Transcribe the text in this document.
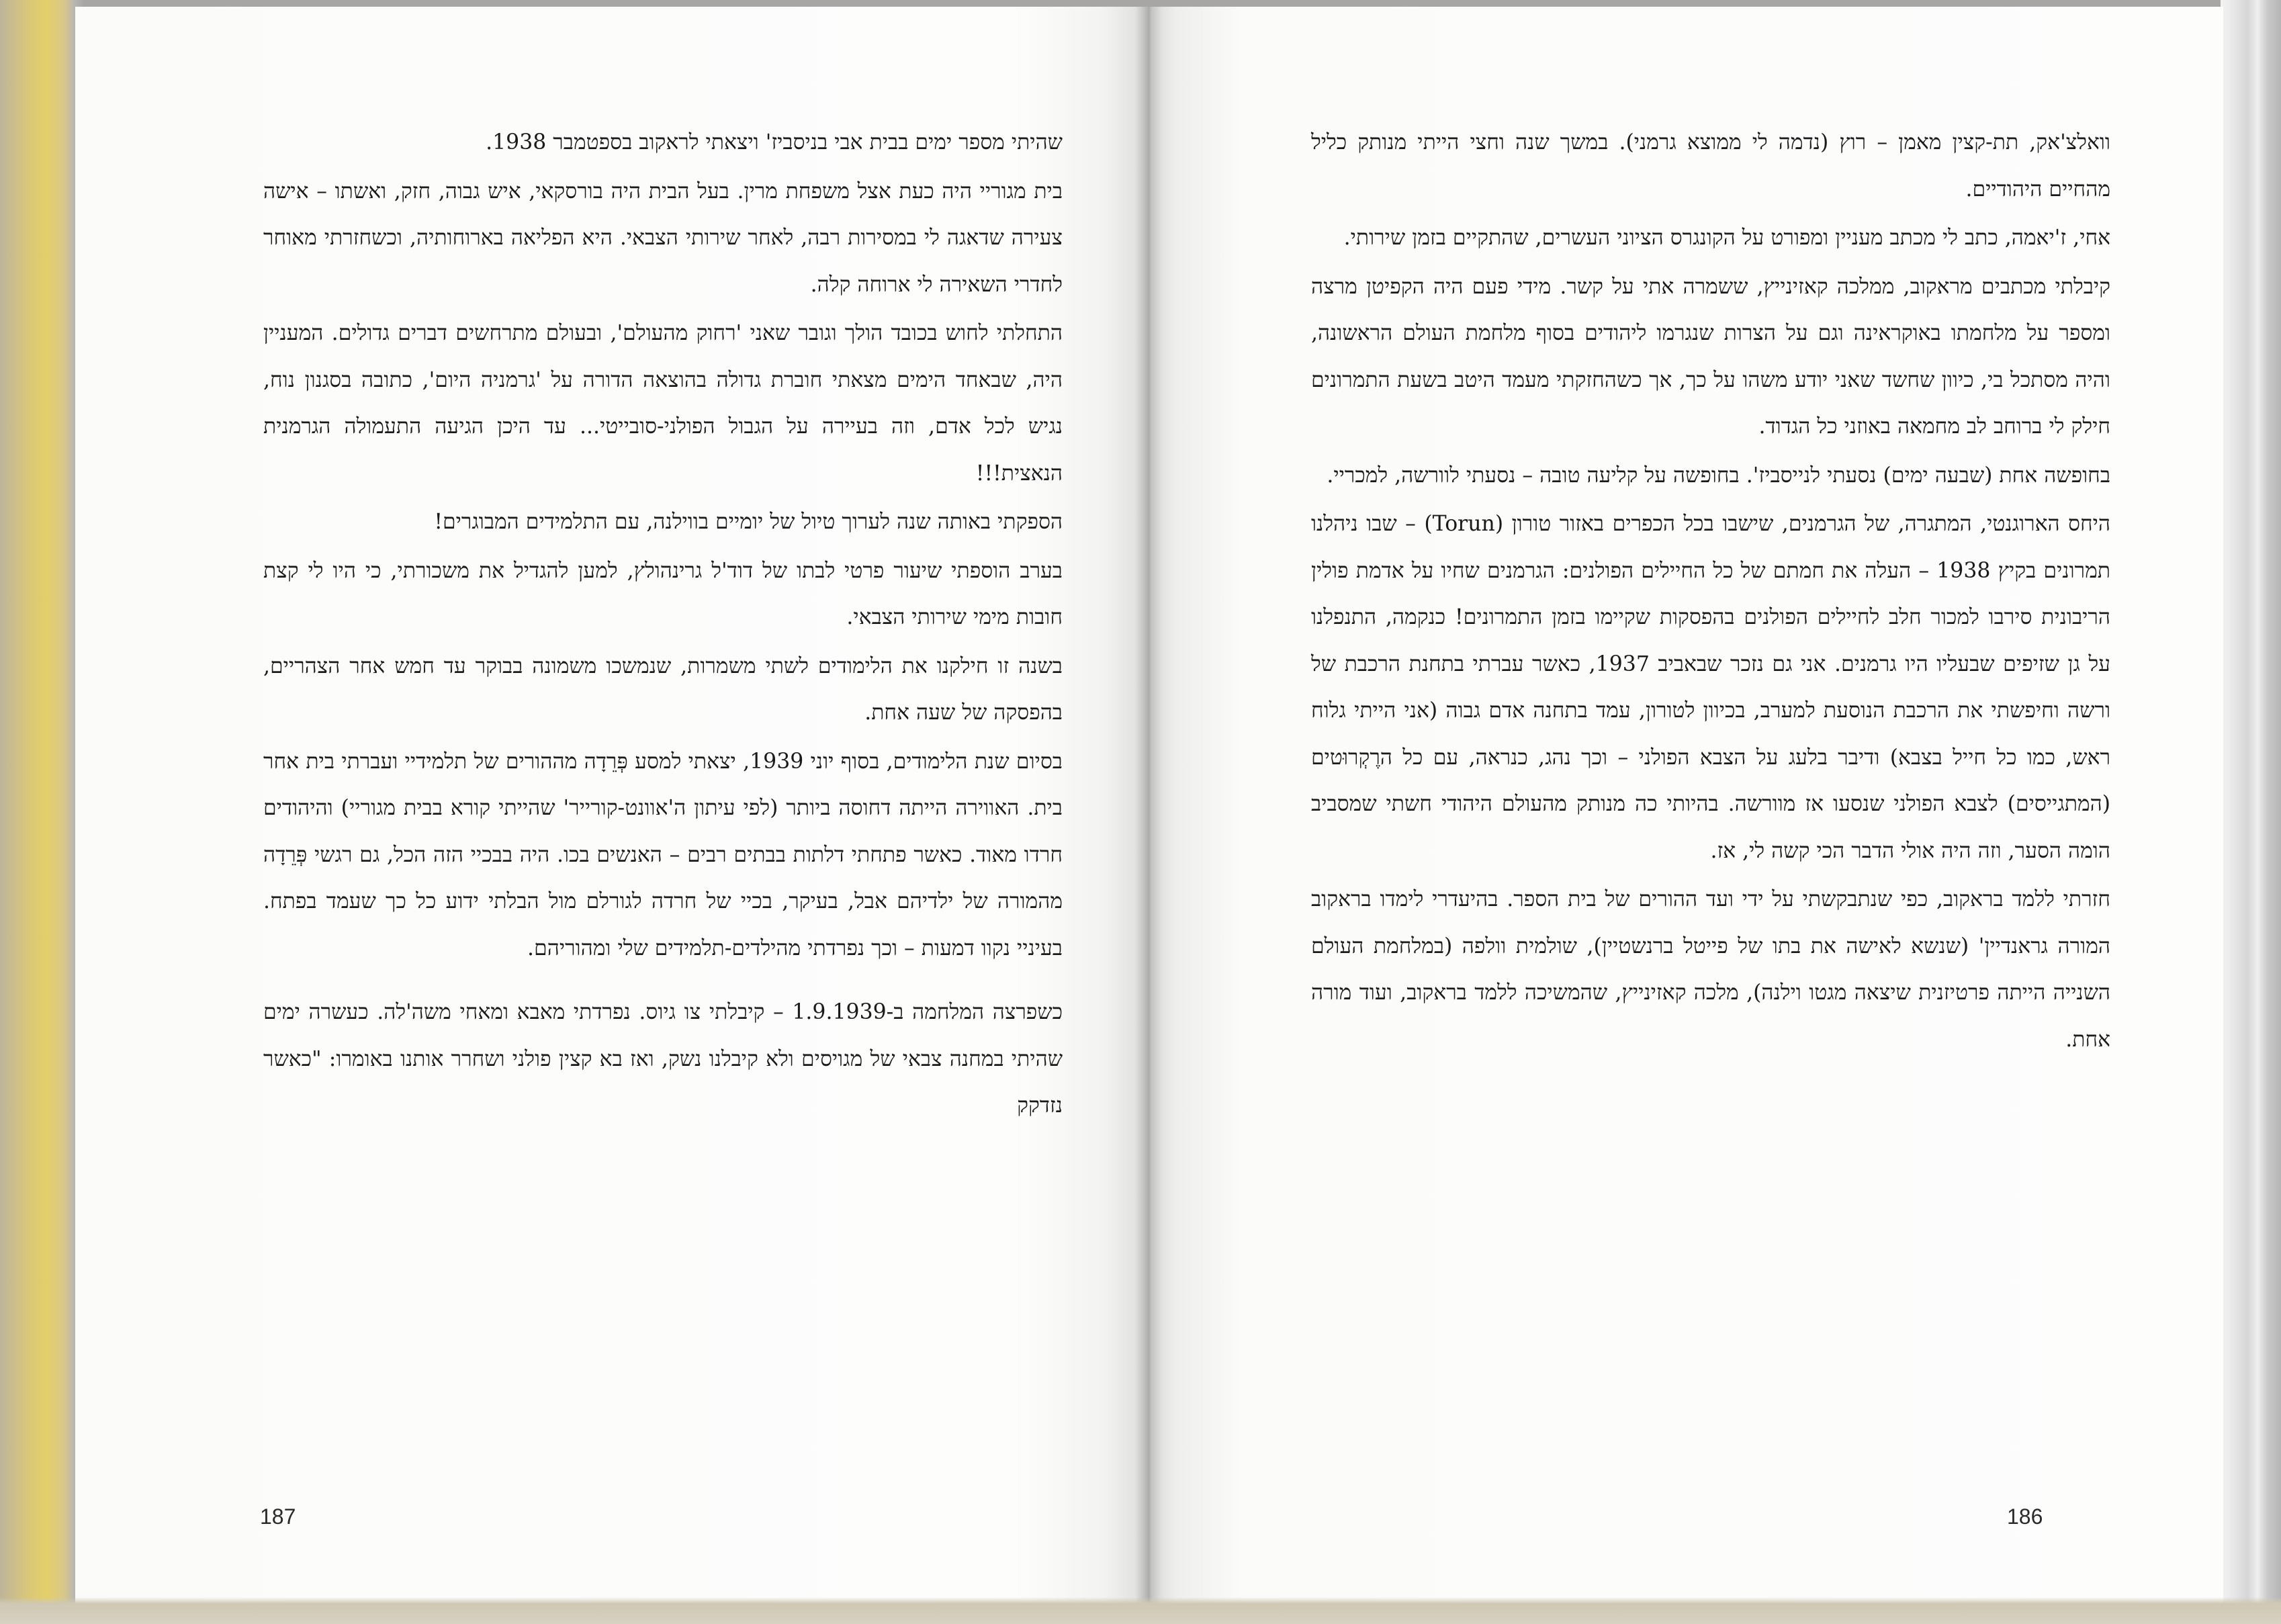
שהיתי מספר ימים בבית אבי בניסביז' ויצאתי לראקוב בספטמבר 1938.

בית מגוריי היה כעת אצל משפחת מרין. בעל הבית היה בורסקאי, איש גבוה, חזק, ואשתו – אישה צעירה שדאגה לי במסירות רבה, לאחר שירותי הצבאי. היא הפליאה בארוחותיה, וכשחזרתי מאוחר לחדרי השאירה לי ארוחה קלה.

התחלתי לחוש בכובד הולך וגובר שאני 'רחוק מהעולם', ובעולם מתרחשים דברים גדולים. המעניין היה, שבאחד הימים מצאתי חוברת גדולה בהוצאה הדורה על 'גרמניה היום', כתובה בסגנון נוח, נגיש לכל אדם, וזה בעיירה על הגבול הפולני-סובייטי... עד היכן הגיעה התעמולה הגרמנית הנאצית!!!

הספקתי באותה שנה לערוך טיול של יומיים בווילנה, עם התלמידים המבוגרים!

בערב הוספתי שיעור פרטי לבתו של דוד'ל גרינהולץ, למען להגדיל את משכורתי, כי היו לי קצת חובות מימי שירותי הצבאי.

בשנה זו חילקנו את הלימודים לשתי משמרות, שנמשכו משמונה בבוקר עד חמש אחר הצהריים, בהפסקה של שעה אחת.

בסיום שנת הלימודים, בסוף יוני 1939, יצאתי למסע פְּרֵדָה מההורים של תלמידיי ועברתי בית אחר בית. האווירה הייתה דחוסה ביותר (לפי עיתון ה'אוונט-קורייר' שהייתי קורא בבית מגוריי) והיהודים חרדו מאוד. כאשר פתחתי דלתות בבתים רבים – האנשים בכו. היה בבכיי הזה הכל, גם רגשי פְּרֵדָה מהמורה של ילדיהם אבל, בעיקר, בכיי של חרדה לגורלם מול הבלתי ידוע כל כך שעמד בפתח. בעיניי נקוו דמעות – וכך נפרדתי מהילדים-תלמידים שלי ומהוריהם.

כשפרצה המלחמה ב-1.9.1939 – קיבלתי צו גיוס. נפרדתי מאבא ומאחי משה'לה. כעשרה ימים שהיתי במחנה צבאי של מגויסים ולא קיבלנו נשק, ואז בא קצין פולני ושחרר אותנו באומרו: "כאשר נזדקק

187

וואלצ'אק, תת-קצין מאמן – רוץ (נדמה לי ממוצא גרמני). במשך שנה וחצי הייתי מנותק כליל מהחיים היהודיים.

אחי, ז'יאמה, כתב לי מכתב מעניין ומפורט על הקונגרס הציוני העשרים, שהתקיים בזמן שירותי.

קיבלתי מכתבים מראקוב, ממלכה קאזינייץ, ששמרה אתי על קשר. מידי פעם היה הקפיטן מרצה ומספר על מלחמתו באוקראינה וגם על הצרות שנגרמו ליהודים בסוף מלחמת העולם הראשונה, והיה מסתכל בי, כיוון שחשד שאני יודע משהו על כך, אך כשהחזקתי מעמד היטב בשעת התמרונים חילק לי ברוחב לב מחמאה באוזני כל הגדוד.

בחופשה אחת (שבעה ימים) נסעתי לנייסביז'. בחופשה על קליעה טובה – נסעתי לוורשה, למכריי.

היחס הארוגנטי, המתגרה, של הגרמנים, שישבו בכל הכפרים באזור טורון (Torun) – שבו ניהלנו תמרונים בקיץ 1938 – העלה את חמתם של כל החיילים הפולנים: הגרמנים שחיו על אדמת פולין הריבונית סירבו למכור חלב לחיילים הפולנים בהפסקות שקיימו בזמן התמרונים! כנקמה, התנפלנו על גן שזיפים שבעליו היו גרמנים. אני גם נזכר שבאביב 1937, כאשר עברתי בתחנת הרכבת של ורשה וחיפשתי את הרכבת הנוסעת למערב, בכיוון לטורון, עמד בתחנה אדם גבוה (אני הייתי גלוח ראש, כמו כל חייל בצבא) ודיבר בלעג על הצבא הפולני – וכך נהג, כנראה, עם כל הרֶקְרוּטים (המתגייסים) לצבא הפולני שנסעו אז מוורשה. בהיותי כה מנותק מהעולם היהודי חשתי שמסביב הומה הסער, וזה היה אולי הדבר הכי קשה לי, אז.

חזרתי ללמד בראקוב, כפי שנתבקשתי על ידי ועד ההורים של בית הספר. בהיעדרי לימדו בראקוב המורה גראנדיין' (שנשא לאישה את בתו של פייטל ברנשטיין), שולמית וולפה (במלחמת העולם השנייה הייתה פרטיזנית שיצאה מגטו וילנה), מלכה קאזינייץ, שהמשיכה ללמד בראקוב, ועוד מורה אחת.

186
